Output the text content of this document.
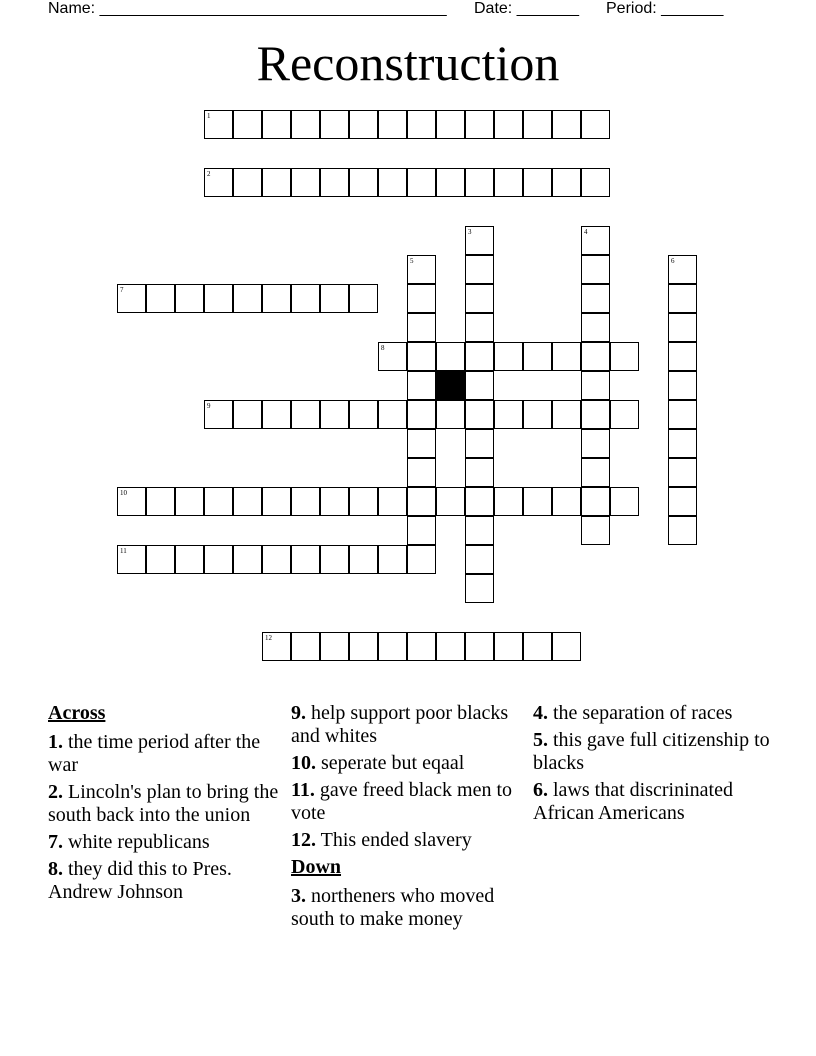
Name: _______________________________________

Date: _______

Period: _______

Reconstruction
1
2
3	4
5	6
7
8
9
10
11
12
Across
1. the time period after the war
2. Lincoln's plan to bring the south back into the union
7. white republicans
8. they did this to Pres. Andrew Johnson
9. help support poor blacks and whites
10. seperate but eqaal
11. gave freed black men to vote
12. This ended slavery
Down
3. northeners who moved south to make money
4. the separation of races
5. this gave full citizenship to blacks
6. laws that discrininated African Americans
